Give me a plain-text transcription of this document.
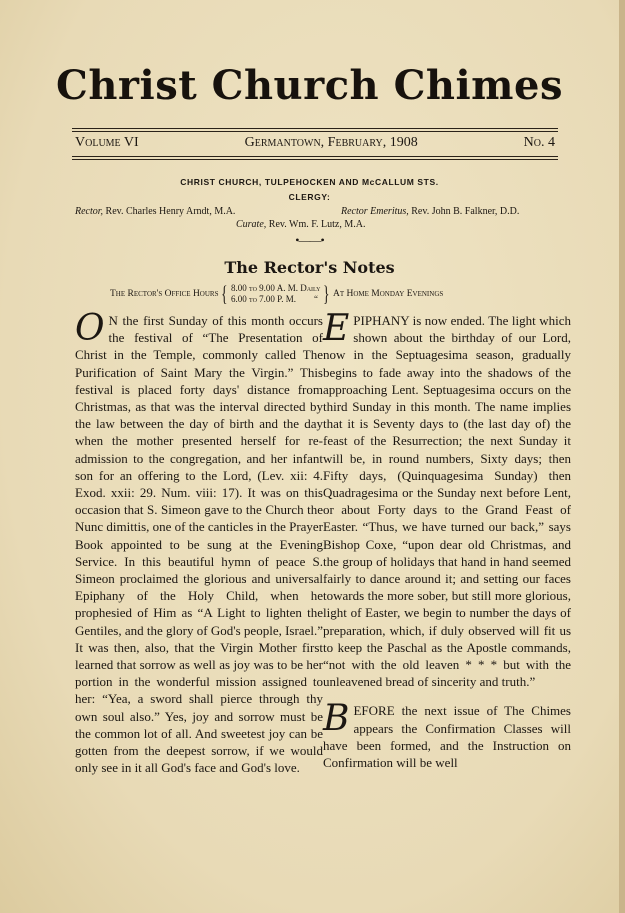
Christ Church Chimes
Volume VI	Germantown, February, 1908	No. 4
CHRIST CHURCH, TULPEHOCKEN AND McCALLUM STS.
CLERGY:
Rector, Rev. Charles Henry Arndt, M.A.	Rector Emeritus, Rev. John B. Falkner, D.D.
Curate, Rev. Wm. F. Lutz, M.A.
•——•
The Rector's Notes
The Rector's Office Hours { 8.00 to 9.00 A. M. Daily
6.00 to 7.00 P. M.        “ } At Home Monday Evenings

O N the first Sunday of this month occurs the festival of “The Presentation of Christ in the Temple, commonly called The Purification of Saint Mary the Virgin.” This festival is placed forty days' distance from Christmas, as that was the interval directed by the law between the day of birth and the day when the mother presented herself for re-admission to the congregation, and her infant son for an offering to the Lord, (Lev. xii: 4. Exod. xxii: 29. Num. viii: 17). It was on this occasion that S. Simeon gave to the Church the Nunc dimittis, one of the canticles in the Prayer Book appointed to be sung at the Evening Service. In this beautiful hymn of peace S. Simeon proclaimed the glorious and universal Epiphany of the Holy Child, when he prophesied of Him as “A Light to lighten the Gentiles, and the glory of God's people, Israel.” It was then, also, that the Virgin Mother first learned that sorrow as well as joy was to be her portion in the wonderful mission assigned to her: “Yea, a sword shall pierce through thy own soul also.” Yes, joy and sorrow must be the common lot of all. And sweetest joy can be gotten from the deepest sorrow, if we would only see in it all God's face and God's love.

E PIPHANY is now ended. The light which shown about the birthday of our Lord, now in the Septuagesima season, gradually begins to fade away into the shadows of the approaching Lent. Septuagesima occurs on the third Sunday in this month. The name implies that it is Seventy days to (the last day of) the feast of the Resurrection; the next Sunday it will be, in round numbers, Sixty days; then Fifty days, (Quinquagesima Sunday) then Quadragesima or the Sunday next before Lent, or about Forty days to the Grand Feast of Easter. “Thus, we have turned our back,” says Bishop Coxe, “upon dear old Christmas, and the group of holidays that hand in hand seemed fairly to dance around it; and setting our faces towards the more sober, but still more glorious, light of Easter, we begin to number the days of preparation, which, if duly observed will fit us to keep the Paschal as the Apostle commands, “not with the old leaven * * * but with the unleavened bread of sincerity and truth.”

B EFORE the next issue of The Chimes appears the Confirmation Classes will have been formed, and the Instruction on Confirmation will be well
